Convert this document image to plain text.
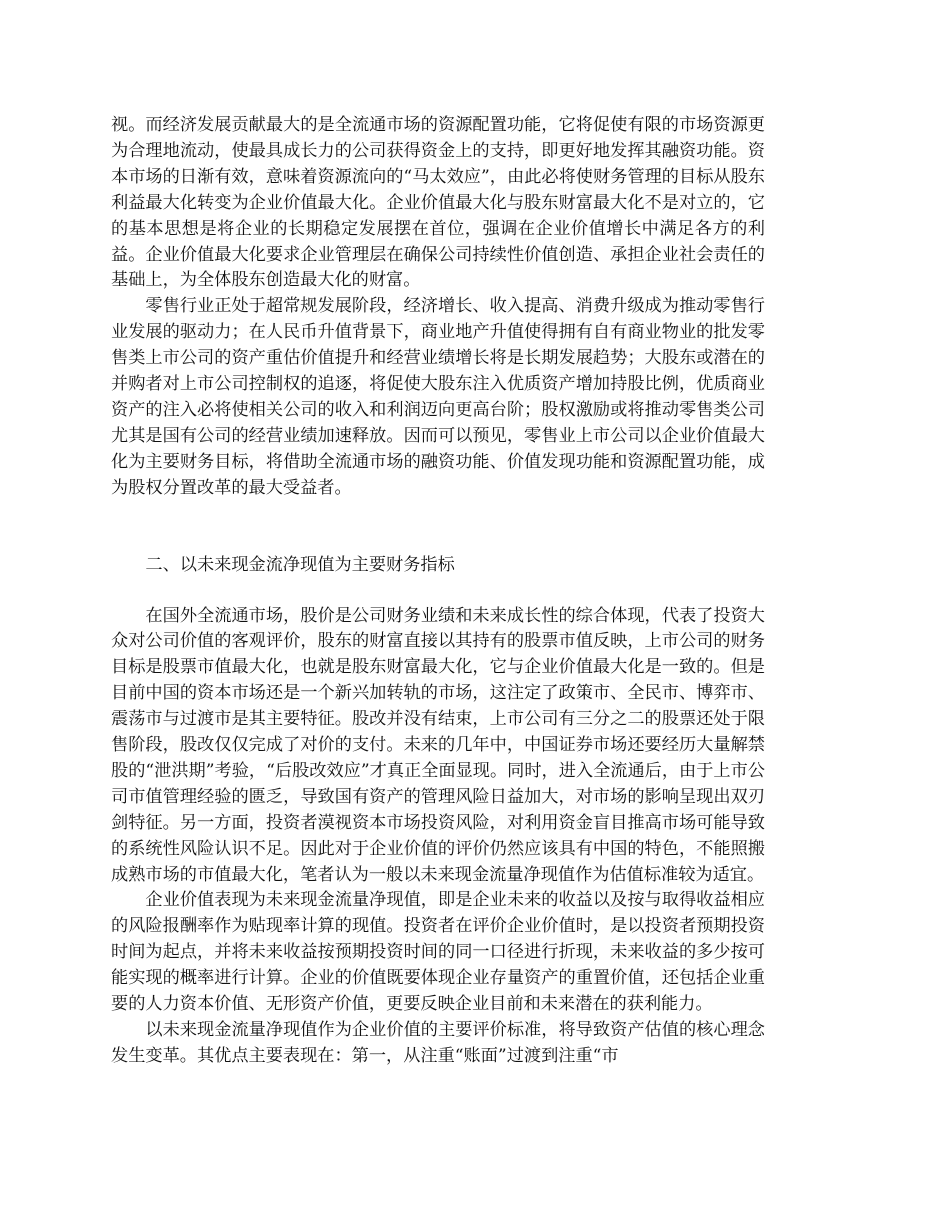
视。而经济发展贡献最大的是全流通市场的资源配置功能，它将促使有限的市场资源更为合理地流动，使最具成长力的公司获得资金上的支持，即更好地发挥其融资功能。资本市场的日渐有效，意味着资源流向的“马太效应”，由此必将使财务管理的目标从股东利益最大化转变为企业价值最大化。企业价值最大化与股东财富最大化不是对立的，它的基本思想是将企业的长期稳定发展摆在首位，强调在企业价值增长中满足各方的利益。企业价值最大化要求企业管理层在确保公司持续性价值创造、承担企业社会责任的基础上，为全体股东创造最大化的财富。

零售行业正处于超常规发展阶段，经济增长、收入提高、消费升级成为推动零售行业发展的驱动力；在人民币升值背景下，商业地产升值使得拥有自有商业物业的批发零售类上市公司的资产重估价值提升和经营业绩增长将是长期发展趋势；大股东或潜在的并购者对上市公司控制权的追逐，将促使大股东注入优质资产增加持股比例，优质商业资产的注入必将使相关公司的收入和利润迈向更高台阶；股权激励或将推动零售类公司尤其是国有公司的经营业绩加速释放。因而可以预见，零售业上市公司以企业价值最大化为主要财务目标，将借助全流通市场的融资功能、价值发现功能和资源配置功能，成为股权分置改革的最大受益者。

二、以未来现金流净现值为主要财务指标

在国外全流通市场，股价是公司财务业绩和未来成长性的综合体现，代表了投资大众对公司价值的客观评价，股东的财富直接以其持有的股票市值反映，上市公司的财务目标是股票市值最大化，也就是股东财富最大化，它与企业价值最大化是一致的。但是目前中国的资本市场还是一个新兴加转轨的市场，这注定了政策市、全民市、博弈市、震荡市与过渡市是其主要特征。股改并没有结束，上市公司有三分之二的股票还处于限售阶段，股改仅仅完成了对价的支付。未来的几年中，中国证券市场还要经历大量解禁股的“泄洪期”考验，“后股改效应”才真正全面显现。同时，进入全流通后，由于上市公司市值管理经验的匮乏，导致国有资产的管理风险日益加大，对市场的影响呈现出双刃剑特征。另一方面，投资者漠视资本市场投资风险，对利用资金盲目推高市场可能导致的系统性风险认识不足。因此对于企业价值的评价仍然应该具有中国的特色，不能照搬成熟市场的市值最大化，笔者认为一般以未来现金流量净现值作为估值标准较为适宜。

企业价值表现为未来现金流量净现值，即是企业未来的收益以及按与取得收益相应的风险报酬率作为贴现率计算的现值。投资者在评价企业价值时，是以投资者预期投资时间为起点，并将未来收益按预期投资时间的同一口径进行折现，未来收益的多少按可能实现的概率进行计算。企业的价值既要体现企业存量资产的重置价值，还包括企业重要的人力资本价值、无形资产价值，更要反映企业目前和未来潜在的获利能力。

以未来现金流量净现值作为企业价值的主要评价标准，将导致资产估值的核心理念发生变革。其优点主要表现在：第一，从注重“账面”过渡到注重“市
